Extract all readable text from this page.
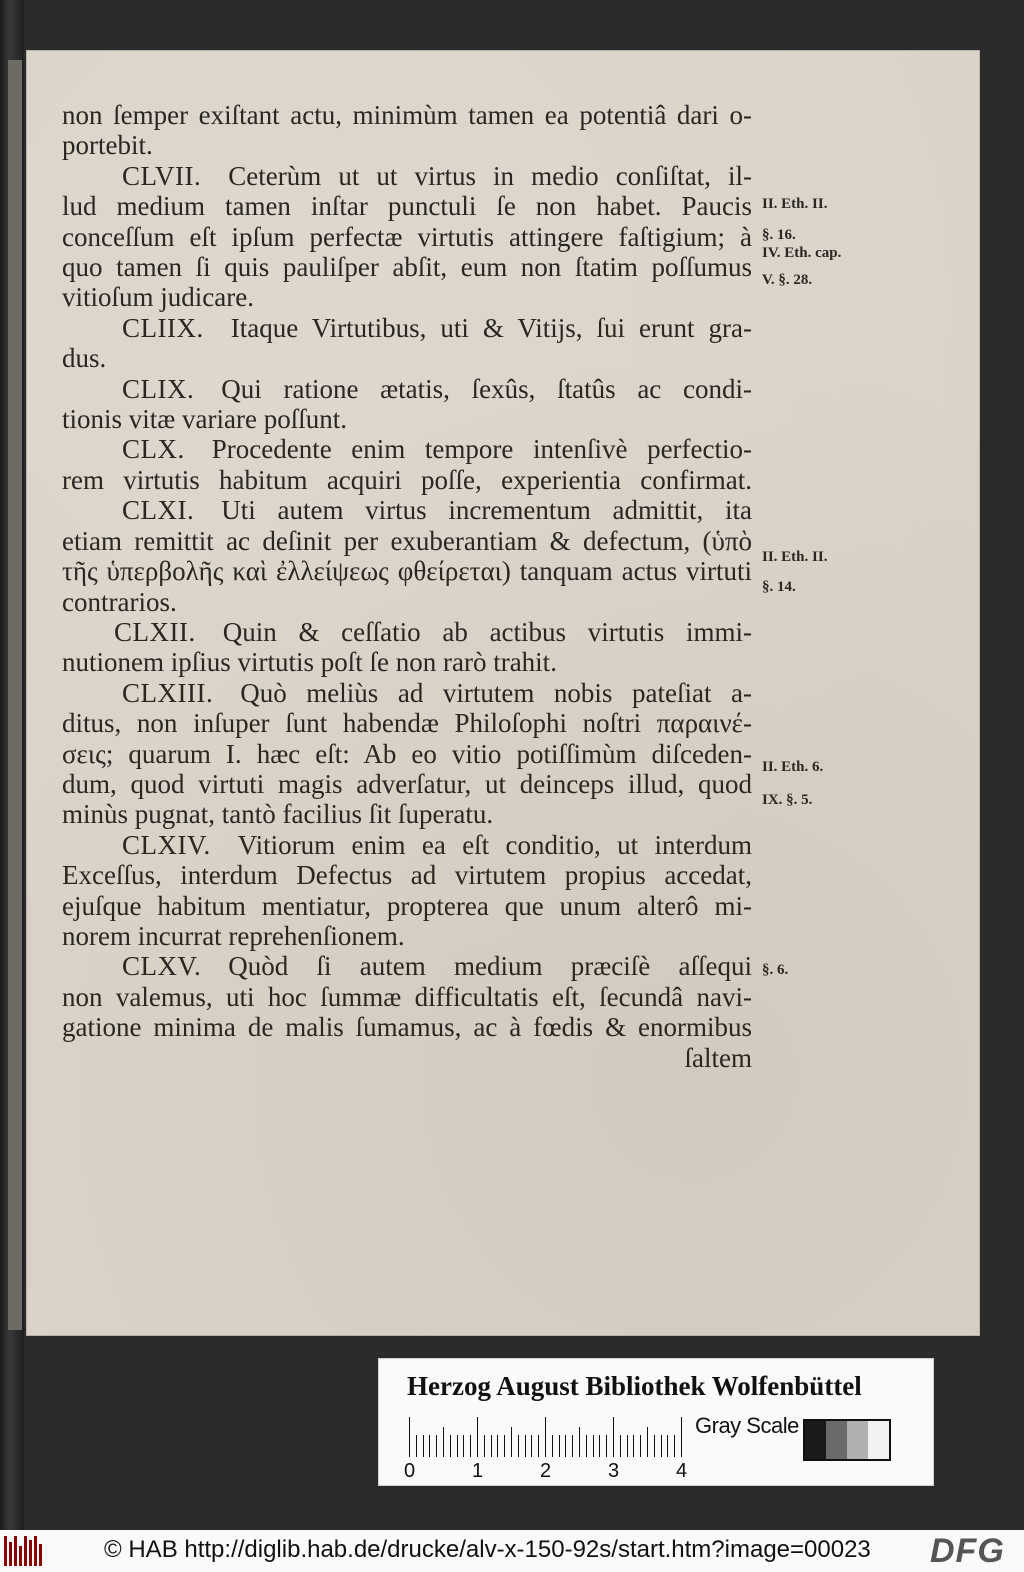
non ſemper exiſtant actu, minimùm tamen ea potentiâ dari o-
portebit.
CLVII.  Ceterùm ut ut virtus in medio conſiſtat, il-
lud medium tamen inſtar punctuli ſe non habet. Paucis
conceſſum eſt ipſum perfectæ virtutis attingere faſtigium; à
quo tamen ſi quis pauliſper abſit, eum non ſtatim poſſumus
vitioſum judicare.
CLIIX.  Itaque Virtutibus, uti & Vitijs, ſui erunt gra-
dus.
CLIX.  Qui ratione ætatis, ſexûs, ſtatûs ac condi-
tionis vitæ variare poſſunt.
CLX.  Procedente enim tempore intenſivè perfectio-
rem virtutis habitum acquiri poſſe, experientia confirmat.
CLXI.  Uti autem virtus incrementum admittit, ita
etiam remittit ac deſinit per exuberantiam & defectum, (ὑπὸ
τῆς ὑπερβολῆς καὶ ἐλλείψεως φθείρεται) tanquam actus virtuti
contrarios.
CLXII.  Quin & ceſſatio ab actibus virtutis immi-
nutionem ipſius virtutis poſt ſe non rarò trahit.
CLXIII.  Quò meliùs ad virtutem nobis pateſiat a-
ditus, non inſuper ſunt habendæ Philoſophi noſtri παραινέ-
σεις; quarum I. hæc eſt: Ab eo vitio potiſſimùm diſceden-
dum, quod virtuti magis adverſatur, ut deinceps illud, quod
minùs pugnat, tantò facilius ſit ſuperatu.
CLXIV.  Vitiorum enim ea eſt conditio, ut interdum
Exceſſus, interdum Defectus ad virtutem propius accedat,
ejuſque habitum mentiatur, propterea que unum alterô mi-
norem incurrat reprehenſionem.
CLXV.  Quòd ſi autem medium præciſè aſſequi
non valemus, uti hoc ſummæ difficultatis eſt, ſecundâ navi-
gatione minima de malis ſumamus, ac à fœdis & enormibus
ſaltem
II. Eth. II.
§. 16.
IV. Eth. cap.
V. §. 28.
II. Eth. II.
§. 14.
II. Eth. 6.
IX. §. 5.
§. 6.
Herzog August Bibliothek Wolfenbüttel
0	1	2	3	4
Gray Scale
© HAB http://diglib.hab.de/drucke/alv-x-150-92s/start.htm?image=00023 DFG
